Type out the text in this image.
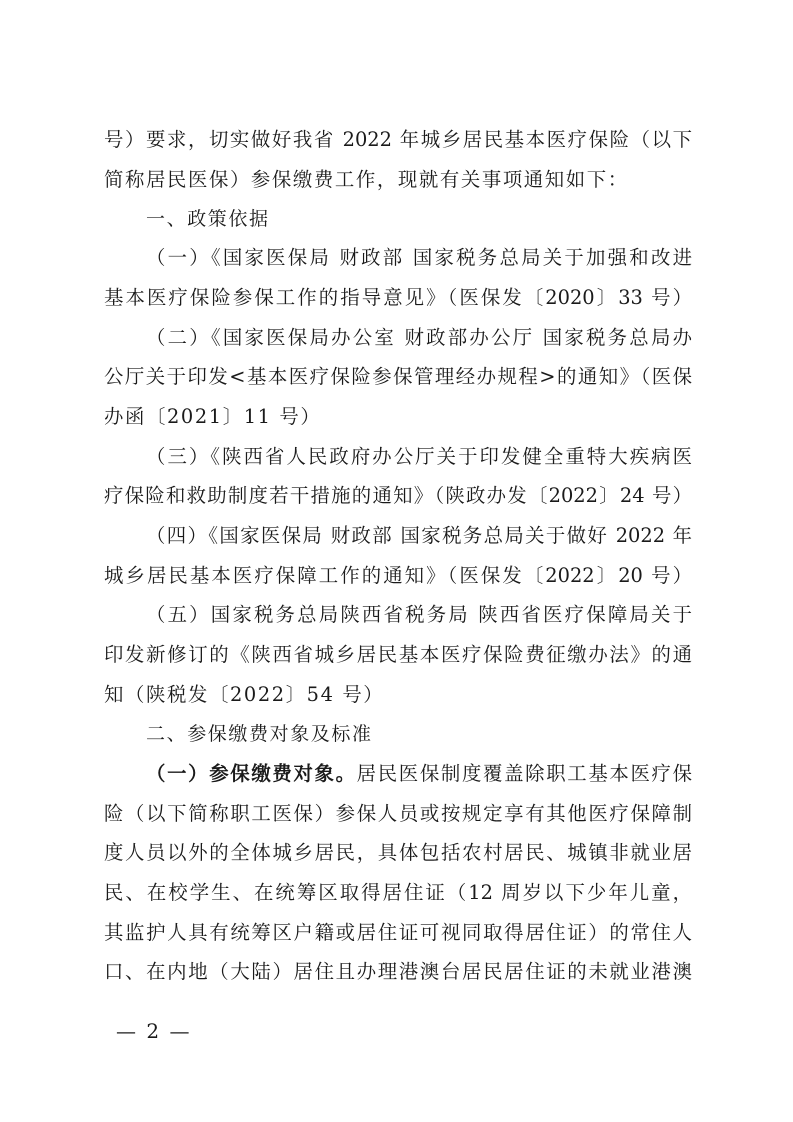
号）要求，切实做好我省 2022 年城乡居民基本医疗保险（以下
简称居民医保）参保缴费工作，现就有关事项通知如下：
一、政策依据
（一）《国家医保局 财政部 国家税务总局关于加强和改进
基本医疗保险参保工作的指导意见》（医保发〔2020〕33 号）
（二）《国家医保局办公室 财政部办公厅 国家税务总局办
公厅关于印发<基本医疗保险参保管理经办规程>的通知》（医保
办函〔2021〕11 号）
（三）《陕西省人民政府办公厅关于印发健全重特大疾病医
疗保险和救助制度若干措施的通知》（陕政办发〔2022〕24 号）
（四）《国家医保局 财政部 国家税务总局关于做好 2022 年
城乡居民基本医疗保障工作的通知》（医保发〔2022〕20 号）
（五）国家税务总局陕西省税务局 陕西省医疗保障局关于
印发新修订的《陕西省城乡居民基本医疗保险费征缴办法》的通
知（陕税发〔2022〕54 号）
二、参保缴费对象及标准
（一）参保缴费对象。居民医保制度覆盖除职工基本医疗保
险（以下简称职工医保）参保人员或按规定享有其他医疗保障制
度人员以外的全体城乡居民，具体包括农村居民、城镇非就业居
民、在校学生、在统筹区取得居住证（12 周岁以下少年儿童，
其监护人具有统筹区户籍或居住证可视同取得居住证）的常住人
口、在内地（大陆）居住且办理港澳台居民居住证的未就业港澳
— 2 —
